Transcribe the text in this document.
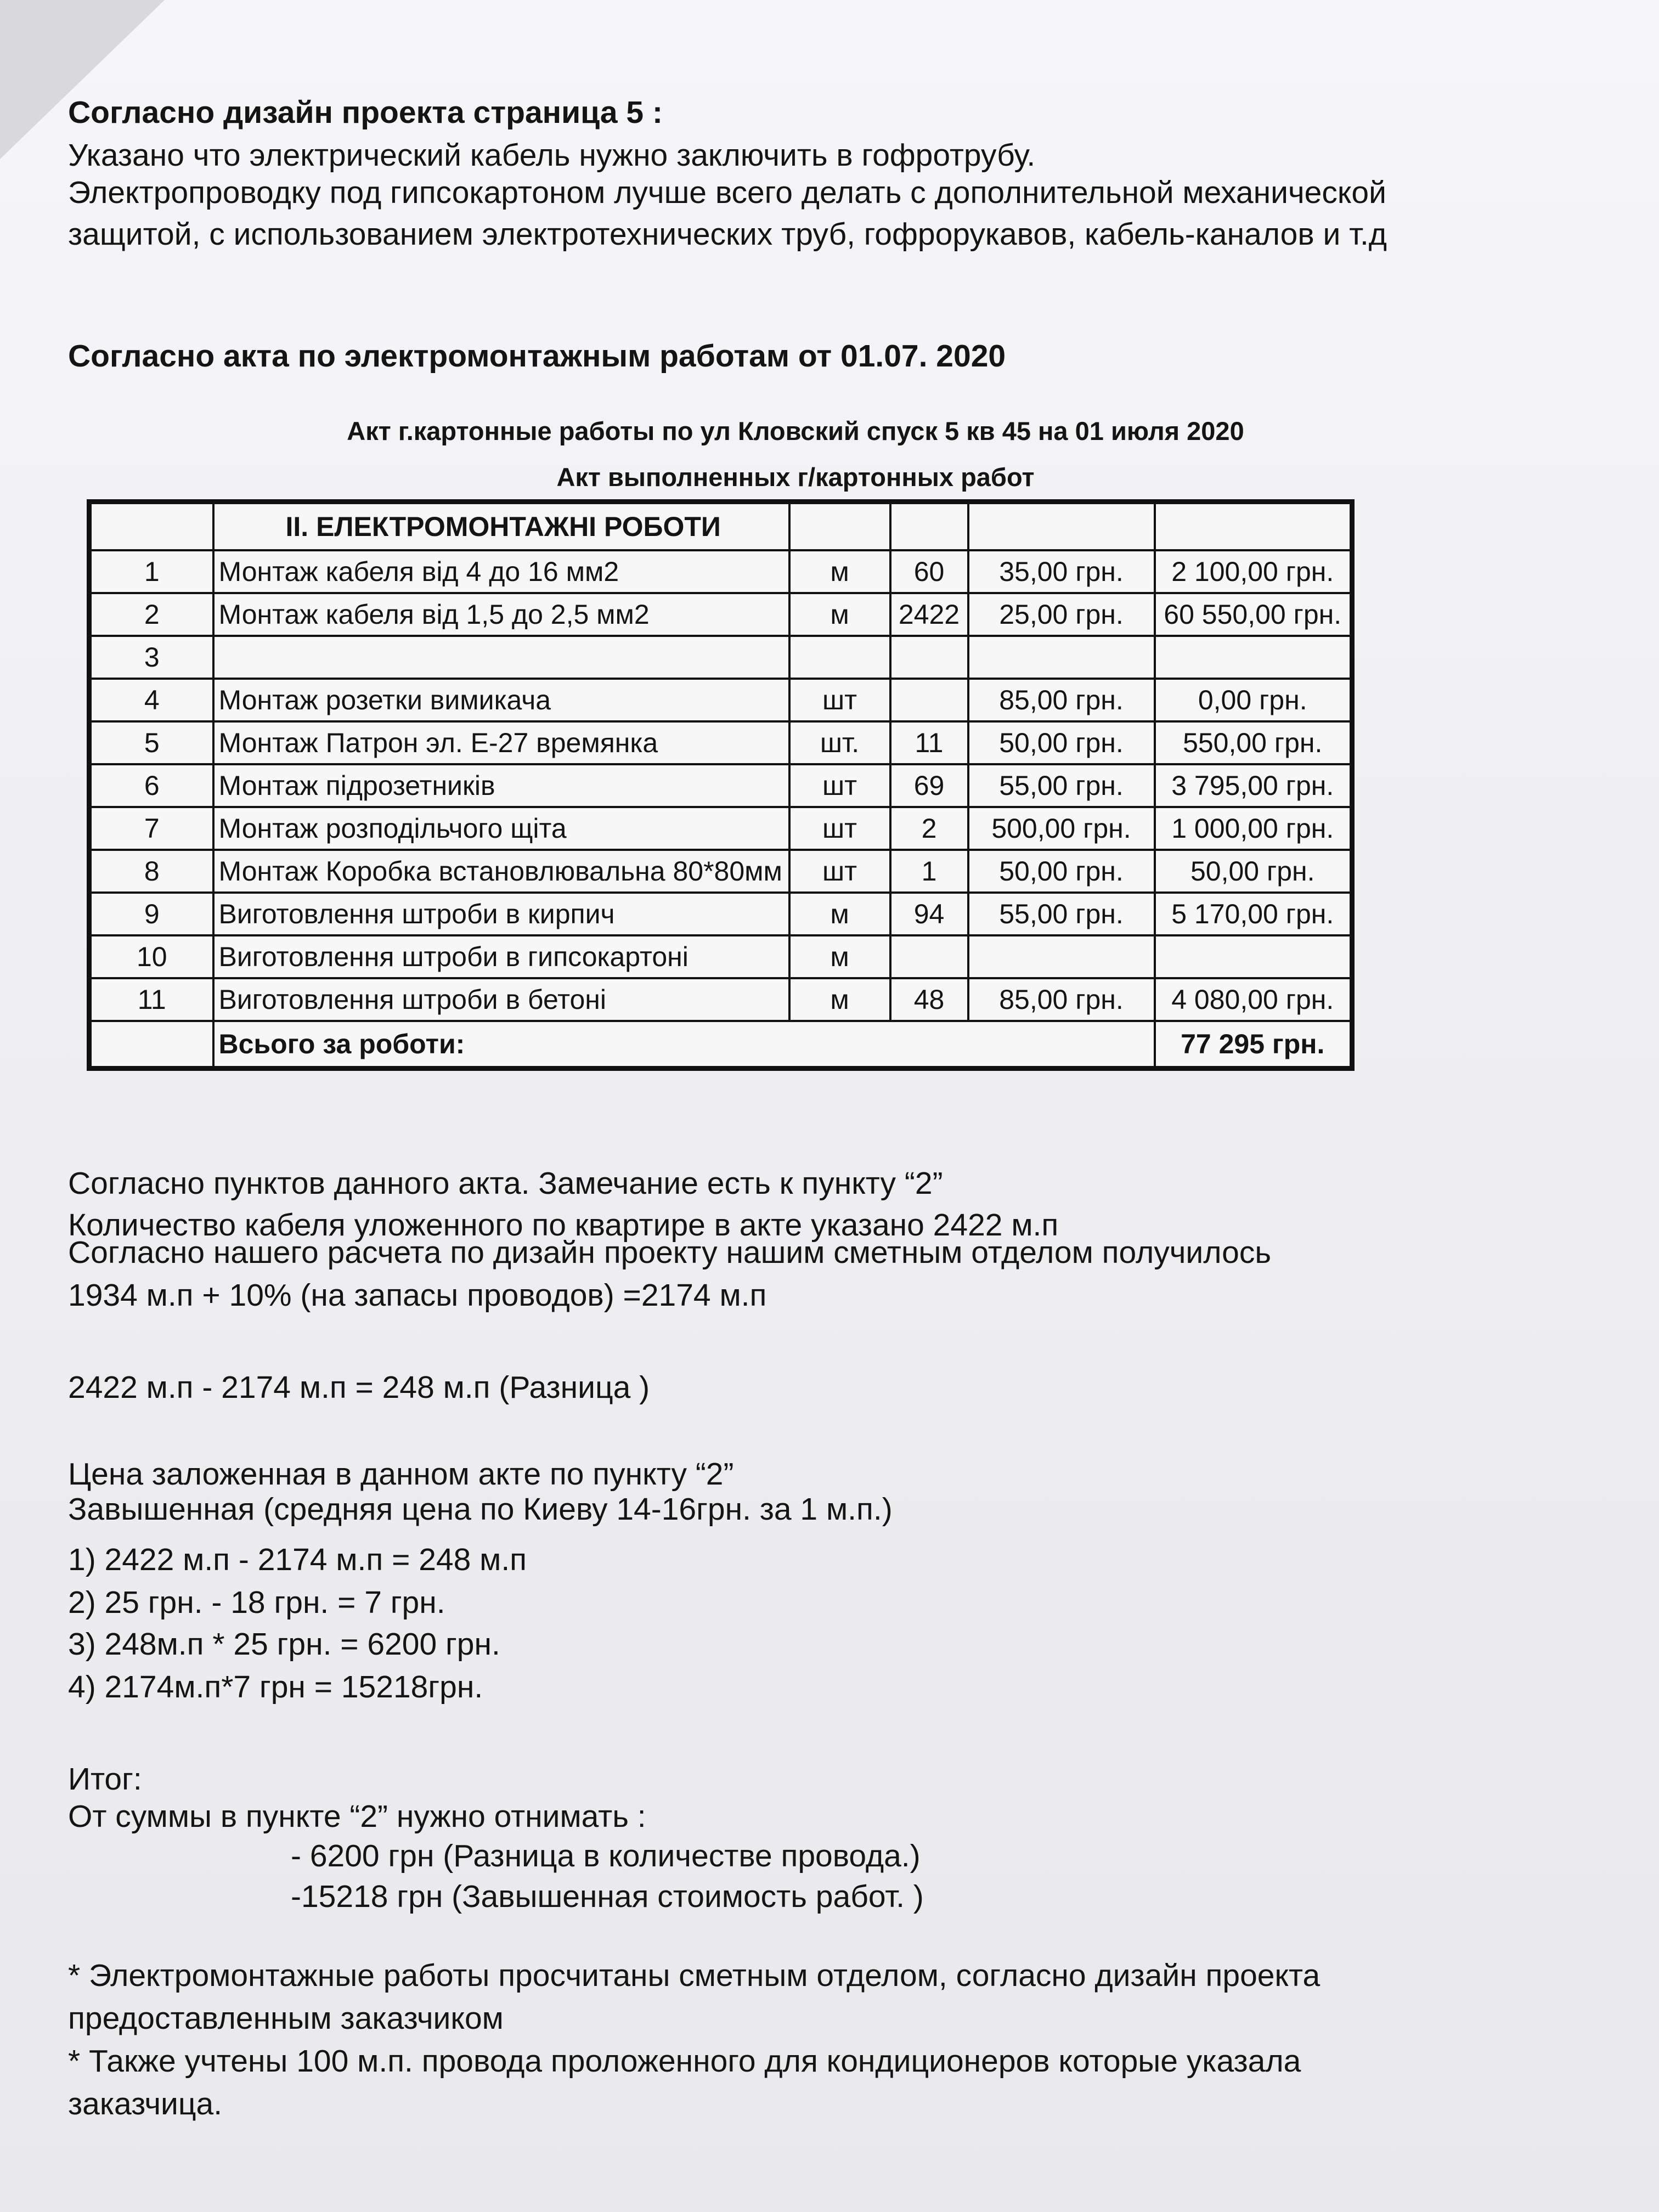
Согласно дизайн проекта страница 5 :
Указано что электрический кабель нужно заключить в гофротрубу.
Электропроводку под гипсокартоном лучше всего делать с дополнительной механической
защитой, с использованием электротехнических труб, гофрорукавов, кабель-каналов и т.д
Согласно акта по электромонтажным работам от 01.07. 2020
Акт г.картонные работы по ул Кловский спуск 5 кв 45 на 01 июля 2020
Акт выполненных г/картонных работ
	ІІ. ЕЛЕКТРОМОНТАЖНІ РОБОТИ				
1	Монтаж кабеля від 4 до 16 мм2	м	60	35,00 грн.	2 100,00 грн.
2	Монтаж кабеля від 1,5 до 2,5 мм2	м	2422	25,00 грн.	60 550,00 грн.
3					
4	Монтаж розетки вимикача	шт		85,00 грн.	0,00 грн.
5	Монтаж Патрон эл. Е-27 времянка	шт.	11	50,00 грн.	550,00 грн.
6	Монтаж підрозетників	шт	69	55,00 грн.	3 795,00 грн.
7	Монтаж розподільчого щіта	шт	2	500,00 грн.	1 000,00 грн.
8	Монтаж Коробка встановлювальна 80*80мм	шт	1	50,00 грн.	50,00 грн.
9	Виготовлення штроби в кирпич	м	94	55,00 грн.	5 170,00 грн.
10	Виготовлення штроби в гипсокартоні	м			
11	Виготовлення штроби в бетоні	м	48	85,00 грн.	4 080,00 грн.
	Всього за роботи:				77 295 грн.
Согласно пунктов данного акта. Замечание есть к пункту “2”
Количество кабеля уложенного по квартире в акте указано 2422 м.п
Согласно нашего расчета по дизайн проекту нашим сметным отделом получилось
1934 м.п + 10% (на запасы проводов) =2174 м.п
2422 м.п - 2174 м.п = 248 м.п (Разница )
Цена заложенная в данном акте по пункту “2”
Завышенная (средняя цена по Киеву 14-16грн. за 1 м.п.)
1) 2422 м.п - 2174 м.п = 248 м.п
2) 25 грн. - 18 грн. = 7 грн.
3) 248м.п * 25 грн. = 6200 грн.
4) 2174м.п*7 грн = 15218грн.
Итог:
От суммы в пункте “2” нужно отнимать :
- 6200 грн (Разница в количестве провода.)
-15218 грн (Завышенная стоимость работ. )
* Электромонтажные работы просчитаны сметным отделом, согласно дизайн проекта
предоставленным заказчиком
* Также учтены 100 м.п. провода проложенного для кондиционеров которые указала
заказчица.
